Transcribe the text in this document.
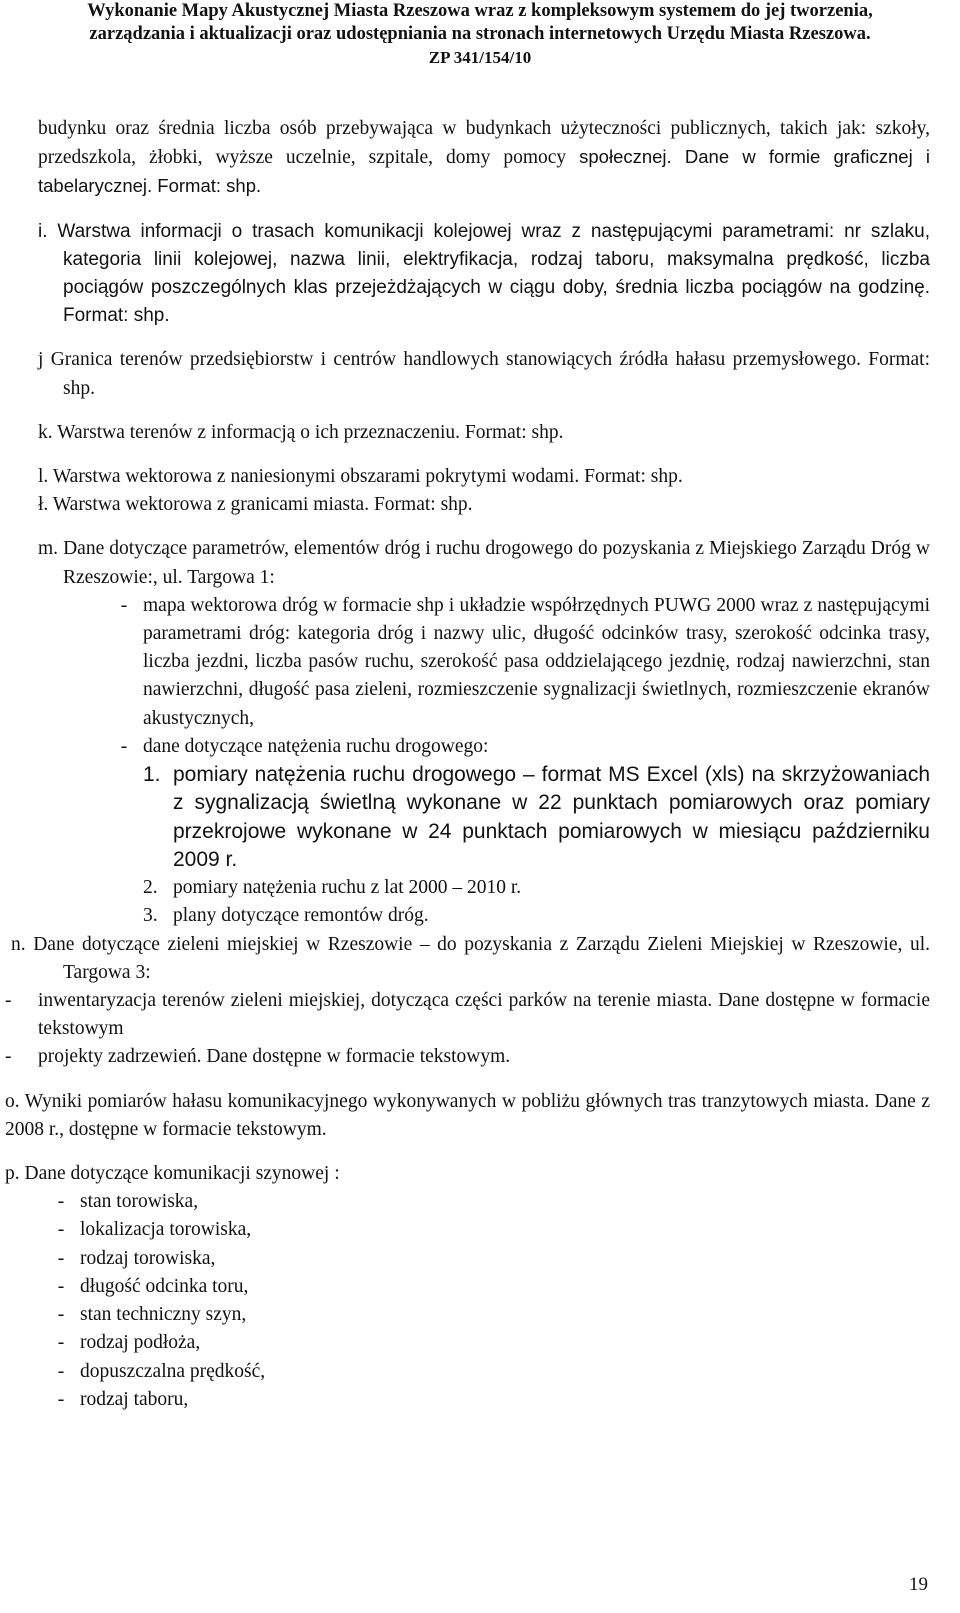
Wykonanie Mapy Akustycznej Miasta Rzeszowa wraz z kompleksowym systemem do jej tworzenia,
zarządzania i aktualizacji oraz udostępniania na stronach internetowych Urzędu Miasta Rzeszowa.
ZP 341/154/10
budynku oraz średnia liczba osób przebywająca w budynkach użyteczności publicznych, takich jak: szkoły, przedszkola, żłobki, wyższe uczelnie, szpitale, domy pomocy społecznej. Dane w formie graficznej i tabelarycznej. Format: shp.
i. Warstwa informacji o trasach komunikacji kolejowej wraz z następującymi parametrami: nr szlaku, kategoria linii kolejowej, nazwa linii, elektryfikacja, rodzaj taboru, maksymalna prędkość, liczba pociągów poszczególnych klas przejeżdżających w ciągu doby, średnia liczba pociągów na godzinę. Format: shp.
j Granica terenów przedsiębiorstw i centrów handlowych stanowiących źródła hałasu przemysłowego. Format: shp.
k. Warstwa terenów z informacją o ich przeznaczeniu. Format: shp.
l. Warstwa wektorowa z naniesionymi obszarami pokrytymi wodami. Format: shp.
ł. Warstwa wektorowa z granicami miasta. Format: shp.
m. Dane dotyczące parametrów, elementów dróg i ruchu drogowego do pozyskania z Miejskiego Zarządu Dróg w Rzeszowie:, ul. Targowa 1:
- mapa wektorowa dróg w formacie shp i układzie współrzędnych PUWG 2000 wraz z następującymi parametrami dróg: kategoria dróg i nazwy ulic, długość odcinków trasy, szerokość odcinka trasy, liczba jezdni, liczba pasów ruchu, szerokość pasa oddzielającego jezdnię, rodzaj nawierzchni, stan nawierzchni, długość pasa zieleni, rozmieszczenie sygnalizacji świetlnych, rozmieszczenie ekranów akustycznych,
- dane dotyczące natężenia ruchu drogowego:
1. pomiary natężenia ruchu drogowego – format MS Excel (xls) na skrzyżowaniach z sygnalizacją świetlną wykonane w 22 punktach pomiarowych oraz pomiary przekrojowe wykonane w 24 punktach pomiarowych w miesiącu październiku 2009 r.
2. pomiary natężenia ruchu z lat 2000 – 2010 r.
3. plany dotyczące remontów dróg.
n. Dane dotyczące zieleni miejskiej w Rzeszowie – do pozyskania z Zarządu Zieleni Miejskiej w Rzeszowie, ul. Targowa 3:
-	inwentaryzacja terenów zieleni miejskiej, dotycząca części parków na terenie miasta. Dane dostępne w formacie tekstowym
-	projekty zadrzewień. Dane dostępne w formacie tekstowym.
o. Wyniki pomiarów hałasu komunikacyjnego wykonywanych w pobliżu głównych tras tranzytowych miasta. Dane z 2008 r., dostępne w formacie tekstowym.
p. Dane dotyczące komunikacji szynowej :
- stan torowiska,
- lokalizacja torowiska,
- rodzaj torowiska,
- długość odcinka toru,
- stan techniczny szyn,
- rodzaj podłoża,
- dopuszczalna prędkość,
- rodzaj taboru,
19
